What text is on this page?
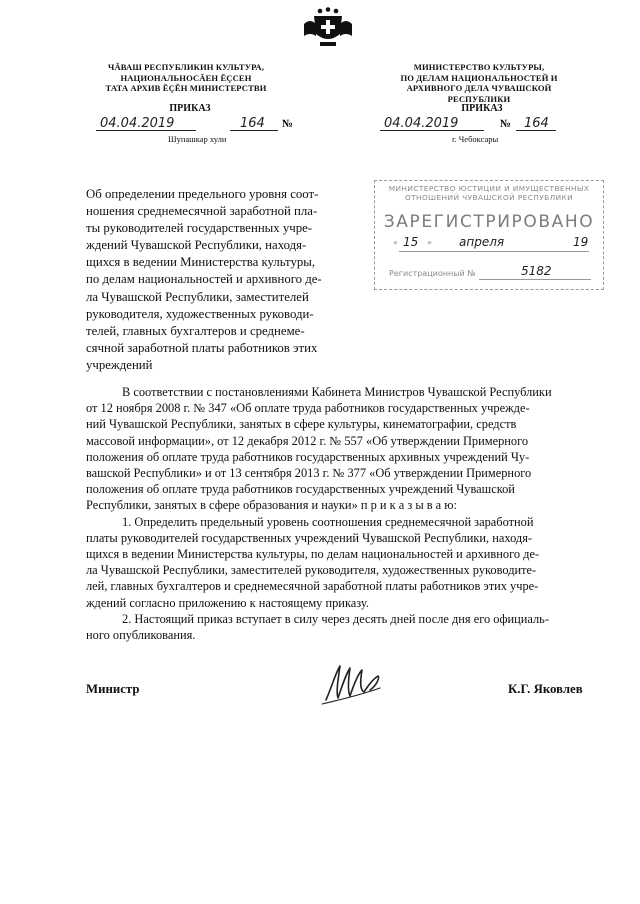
ЧĂВАШ РЕСПУБЛИКИН КУЛЬТУРА,
НАЦИОНАЛЬНОСĂЕН ĔÇСЕН
ТАТА АРХИВ ĔÇĔН МИНИСТЕРСТВИ
ПРИКАЗ
04.04.2019	164 №
Шупашкар хули
МИНИСТЕРСТВО КУЛЬТУРЫ,
ПО ДЕЛАМ НАЦИОНАЛЬНОСТЕЙ И
АРХИВНОГО ДЕЛА ЧУВАШСКОЙ РЕСПУБЛИКИ
ПРИКАЗ
04.04.2019	№ 164
г. Чебоксары
Об определении предельного уровня соот-
ношения среднемесячной заработной пла-
ты руководителей государственных учре-
ждений Чувашской Республики, находя-
щихся в ведении Министерства культуры,
по делам национальностей и архивного де-
ла Чувашской Республики, заместителей
руководителя, художественных руководи-
телей, главных бухгалтеров и среднеме-
сячной заработной платы работников этих
учреждений
МИНИСТЕРСТВО ЮСТИЦИИ И ИМУЩЕСТВЕННЫХ
ОТНОШЕНИЙ ЧУВАШСКОЙ РЕСПУБЛИКИ
ЗАРЕГИСТРИРОВАНО
« 15 » апреля	19
Регистрационный №	5182
В соответствии с постановлениями Кабинета Министров Чувашской Республики
от 12 ноября 2008 г. № 347 «Об оплате труда работников государственных учрежде-
ний Чувашской Республики, занятых в сфере культуры, кинематографии, средств
массовой информации», от 12 декабря 2012 г. № 557 «Об утверждении Примерного
положения об оплате труда работников государственных архивных учреждений Чу-
вашской Республики» и от 13 сентября 2013 г. № 377 «Об утверждении Примерного
положения об оплате труда работников государственных учреждений Чувашской
Республики, занятых в сфере образования и науки» п р и к а з ы в а ю:
1. Определить предельный уровень соотношения среднемесячной заработной
платы руководителей государственных учреждений Чувашской Республики, находя-
щихся в ведении Министерства культуры, по делам национальностей и архивного де-
ла Чувашской Республики, заместителей руководителя, художественных руководите-
лей, главных бухгалтеров и среднемесячной заработной платы работников этих учре-
ждений согласно приложению к настоящему приказу.
2. Настоящий приказ вступает в силу через десять дней после дня его официаль-
ного опубликования.
Министр	К.Г. Яковлев
